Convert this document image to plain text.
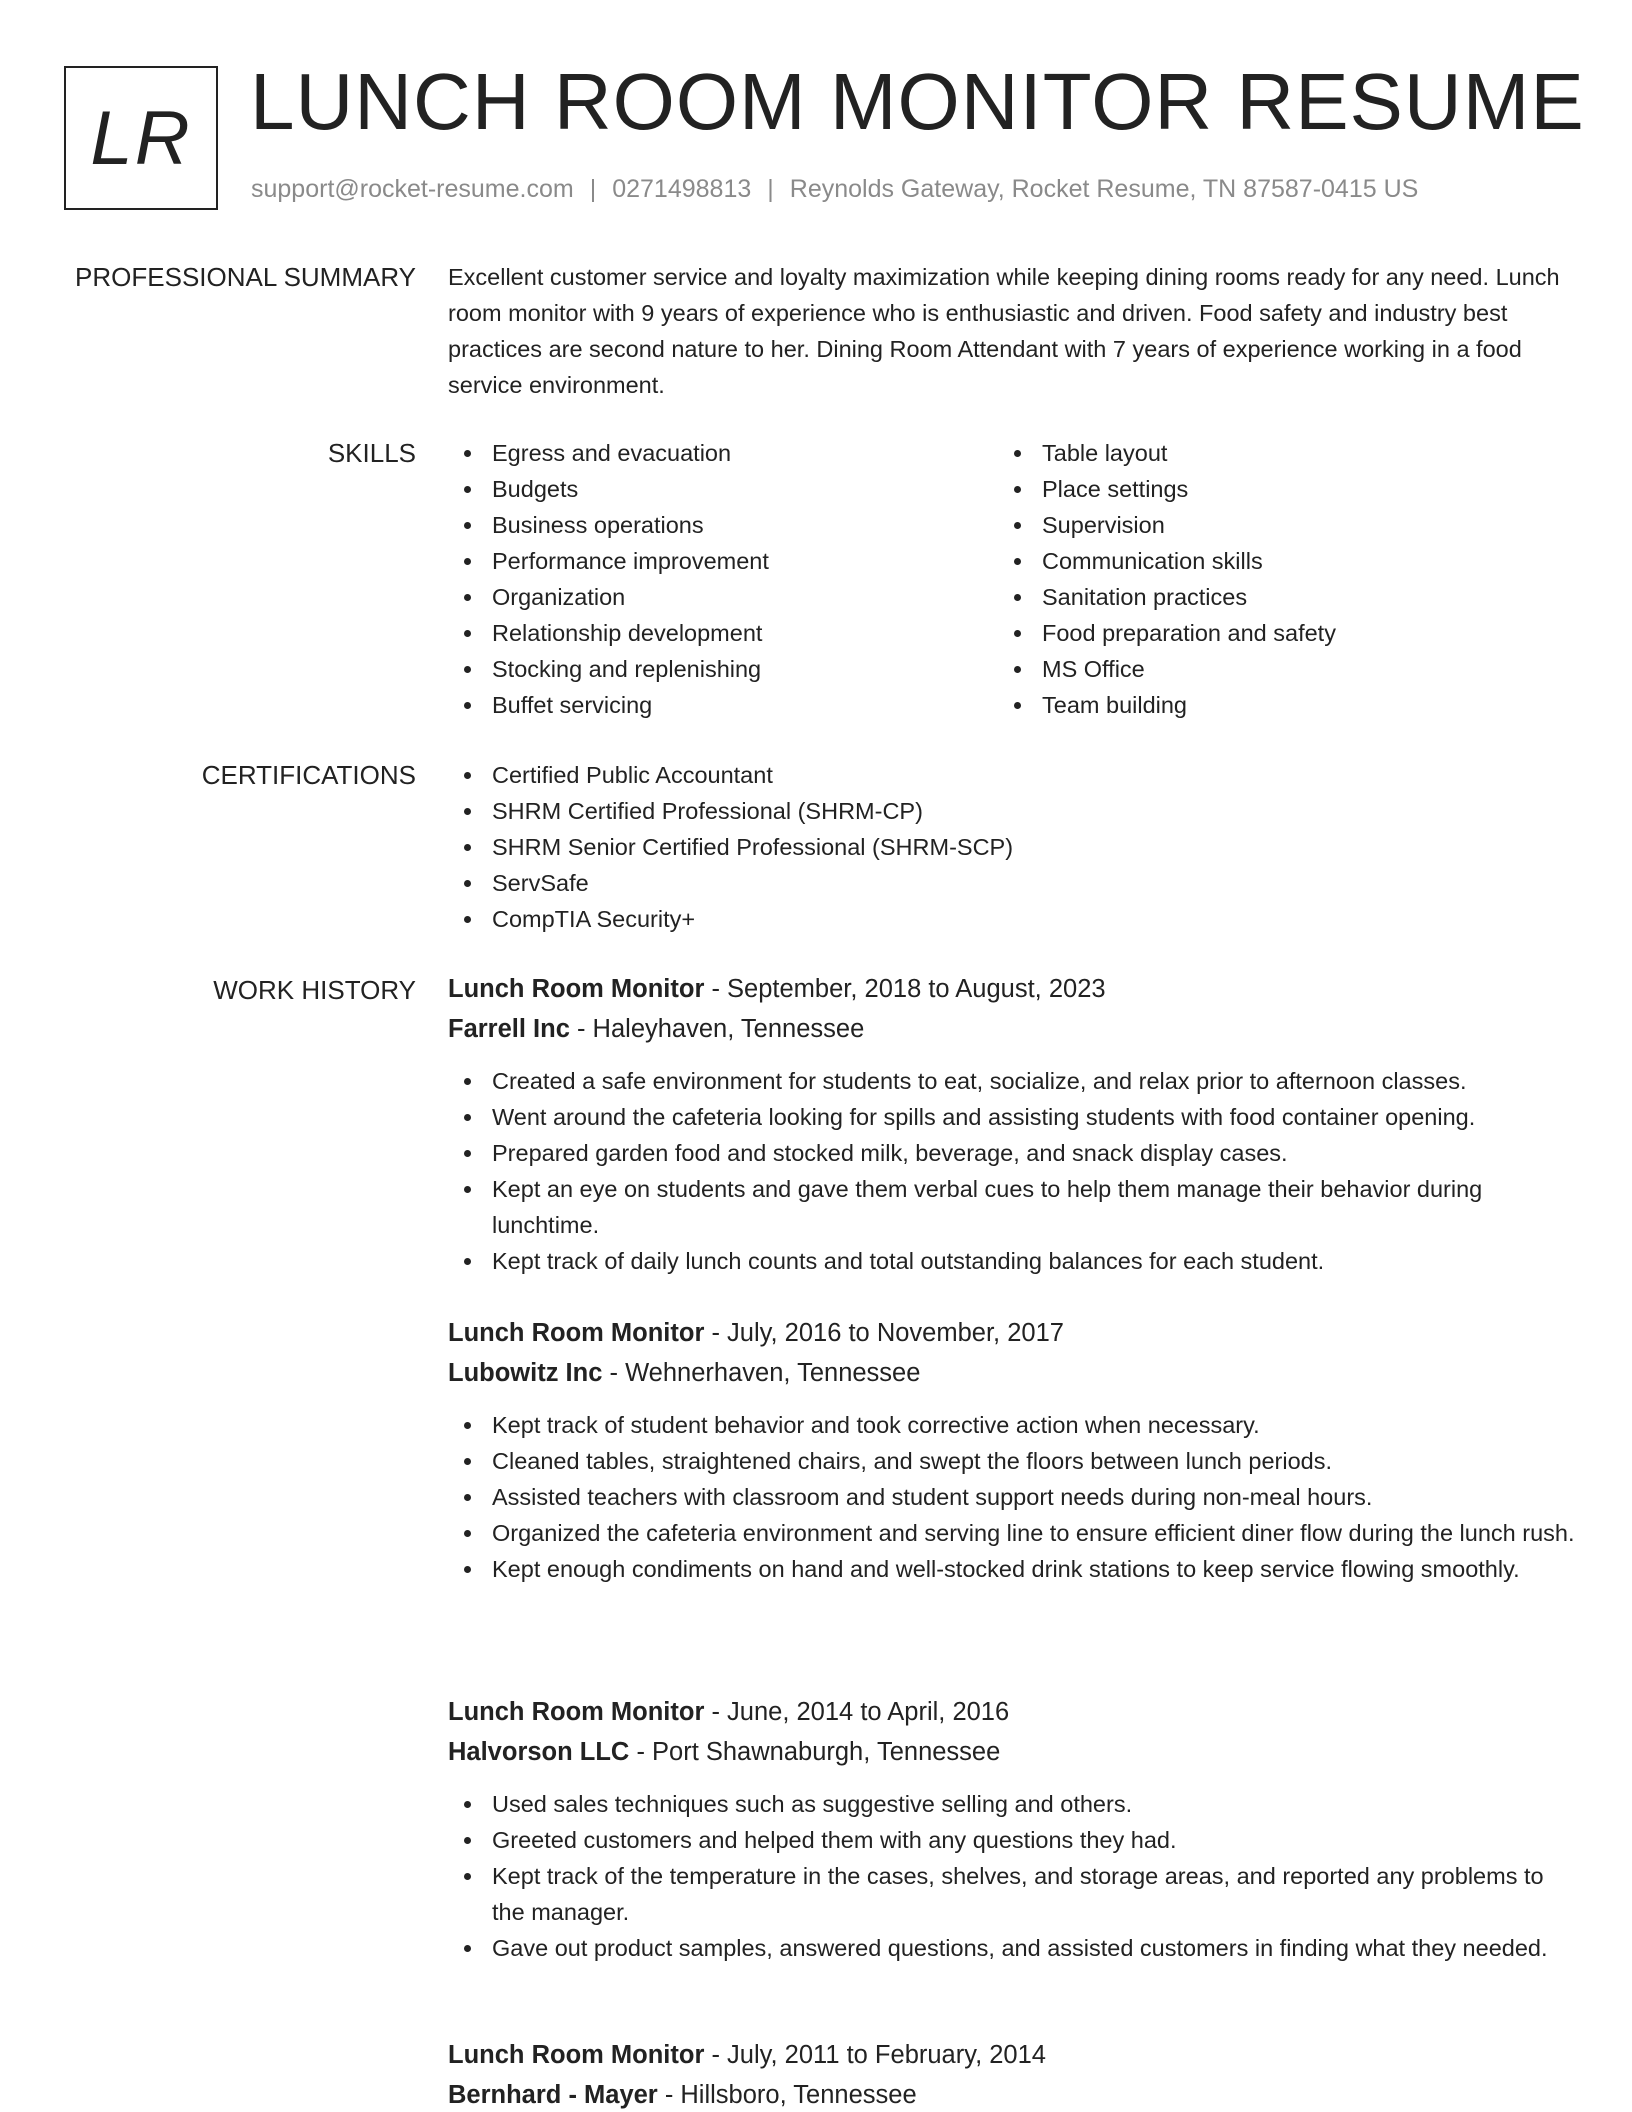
LR LUNCH ROOM MONITOR RESUME
support@rocket-resume.com | 0271498813 | Reynolds Gateway, Rocket Resume, TN 87587-0415 US
PROFESSIONAL SUMMARY Excellent customer service and loyalty maximization while keeping dining rooms ready for any need. Lunch room monitor with 9 years of experience who is enthusiastic and driven. Food safety and industry best practices are second nature to her. Dining Room Attendant with 7 years of experience working in a food service environment.

SKILLS	Egress and evacuation
Budgets
Business operations
Performance improvement
Organization
Relationship development
Stocking and replenishing
Buffet servicing
Table layout
Place settings
Supervision
Communication skills
Sanitation practices
Food preparation and safety
MS Office
Team building
CERTIFICATIONS	Certified Public Accountant
SHRM Certified Professional (SHRM-CP)
SHRM Senior Certified Professional (SHRM-SCP)
ServSafe
CompTIA Security+
WORK HISTORY Lunch Room Monitor - September, 2018 to August, 2023
Farrell Inc - Haleyhaven, Tennessee
Created a safe environment for students to eat, socialize, and relax prior to afternoon classes.
Went around the cafeteria looking for spills and assisting students with food container opening.
Prepared garden food and stocked milk, beverage, and snack display cases.
Kept an eye on students and gave them verbal cues to help them manage their behavior during lunchtime.
Kept track of daily lunch counts and total outstanding balances for each student.
Lunch Room Monitor - July, 2016 to November, 2017
Lubowitz Inc - Wehnerhaven, Tennessee
Kept track of student behavior and took corrective action when necessary.
Cleaned tables, straightened chairs, and swept the floors between lunch periods.
Assisted teachers with classroom and student support needs during non-meal hours.
Organized the cafeteria environment and serving line to ensure efficient diner flow during the lunch rush.
Kept enough condiments on hand and well-stocked drink stations to keep service flowing smoothly.
Lunch Room Monitor - June, 2014 to April, 2016
Halvorson LLC - Port Shawnaburgh, Tennessee
Used sales techniques such as suggestive selling and others.
Greeted customers and helped them with any questions they had.
Kept track of the temperature in the cases, shelves, and storage areas, and reported any problems to the manager.
Gave out product samples, answered questions, and assisted customers in finding what they needed.
Lunch Room Monitor - July, 2011 to February, 2014
Bernhard - Mayer - Hillsboro, Tennessee
